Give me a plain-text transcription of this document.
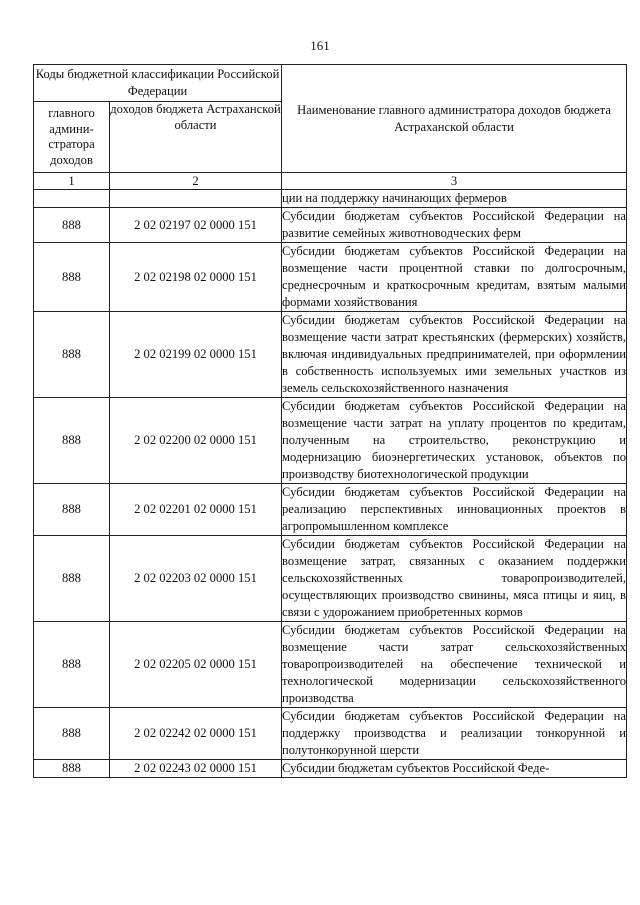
161
Коды бюджетной классификации Российской Федерации		Наименование главного администратора доходов бюджета Астраханской области
главного админи-стратора доходов	доходов бюджета Астраханской области	
1	2	3
		ции на поддержку начинающих фермеров
888	2 02 02197 02 0000 151	Субсидии бюджетам субъектов Российской Федерации на развитие семейных животноводческих ферм
888	2 02 02198 02 0000 151	Субсидии бюджетам субъектов Российской Федерации на возмещение части процентной ставки по долгосрочным, среднесрочным и краткосрочным кредитам, взятым малыми формами хозяйствования
888	2 02 02199 02 0000 151	Субсидии бюджетам субъектов Российской Федерации на возмещение части затрат крестьянских (фермерских) хозяйств, включая индивидуальных предпринимателей, при оформлении в собственность используемых ими земельных участков из земель сельскохозяйственного назначения
888	2 02 02200 02 0000 151	Субсидии бюджетам субъектов Российской Федерации на возмещение части затрат на уплату процентов по кредитам, полученным на строительство, реконструкцию и модернизацию биоэнергетических установок, объектов по производству биотехнологической продукции
888	2 02 02201 02 0000 151	Субсидии бюджетам субъектов Российской Федерации на реализацию перспективных инновационных проектов в агропромышленном комплексе
888	2 02 02203 02 0000 151	Субсидии бюджетам субъектов Российской Федерации на возмещение затрат, связанных с оказанием поддержки сельскохозяйственных товаропроизводителей, осуществляющих производство свинины, мяса птицы и яиц, в связи с удорожанием приобретенных кормов
888	2 02 02205 02 0000 151	Субсидии бюджетам субъектов Российской Федерации на возмещение части затрат сельскохозяйственных товаропроизводителей на обеспечение технической и технологической модернизации сельскохозяйственного производства
888	2 02 02242 02 0000 151	Субсидии бюджетам субъектов Российской Федерации на поддержку производства и реализации тонкорунной и полутонкорунной шерсти
888	2 02 02243 02 0000 151	Субсидии бюджетам субъектов Российской Феде-
